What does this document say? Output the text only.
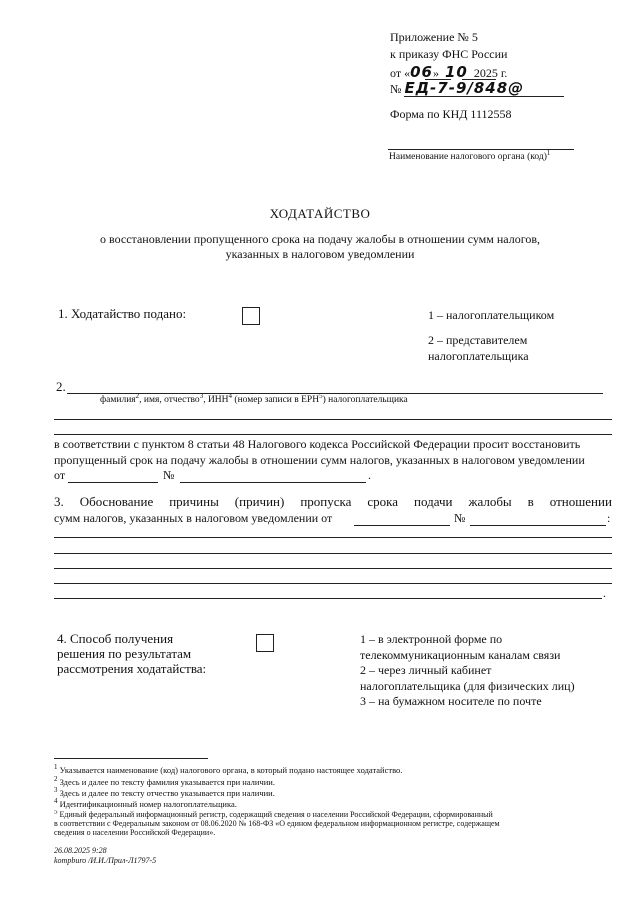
Приложение № 5
к приказу ФНС России
от «06» 10 2025 г.
№ ЕД-7-9/848@
Форма по КНД 1112558
Наименование налогового органа (код)$^1$
ХОДАТАЙСТВО
о восстановлении пропущенного срока на подачу жалобы в отношении сумм налогов,
указанных в налоговом уведомлении
1. Ходатайство подано:	1 – налогоплательщиком
2 – представителем
налогоплательщика
2.
фамилия$^2$, имя, отчество$^3$, ИНН$^4$ (номер записи в ЕРН$^5$) налогоплательщика
в соответствии с пунктом 8 статьи 48 Налогового кодекса Российской Федерации просит восстановить
пропущенный срок на подачу жалобы в отношении сумм налогов, указанных в налоговом уведомлении
от	№	.
3. Обоснование причины (причин) пропуска срока подачи жалобы в отношении
сумм налогов, указанных в налоговом уведомлении от	№	:
.
4. Способ получения
решения по результатам
рассмотрения ходатайства:
1 – в электронной форме по
телекоммуникационным каналам связи
2 – через личный кабинет
налогоплательщика (для физических лиц)
3 – на бумажном носителе по почте
$^1$ Указывается наименование (код) налогового органа, в который подано настоящее ходатайство.
$^2$ Здесь и далее по тексту фамилия указывается при наличии.
$^3$ Здесь и далее по тексту отчество указывается при наличии.
$^4$ Идентификационный номер налогоплательщика.
$^5$ Единый федеральный информационный регистр, содержащий сведения о населении Российской Федерации, сформированный
в соответствии с Федеральным законом от 08.06.2020 № 168-ФЗ «О едином федеральном информационном регистре, содержащем
сведения о населении Российской Федерации».
26.08.2025 9:28
kompburo /И.И./Прил-Л1797-5
